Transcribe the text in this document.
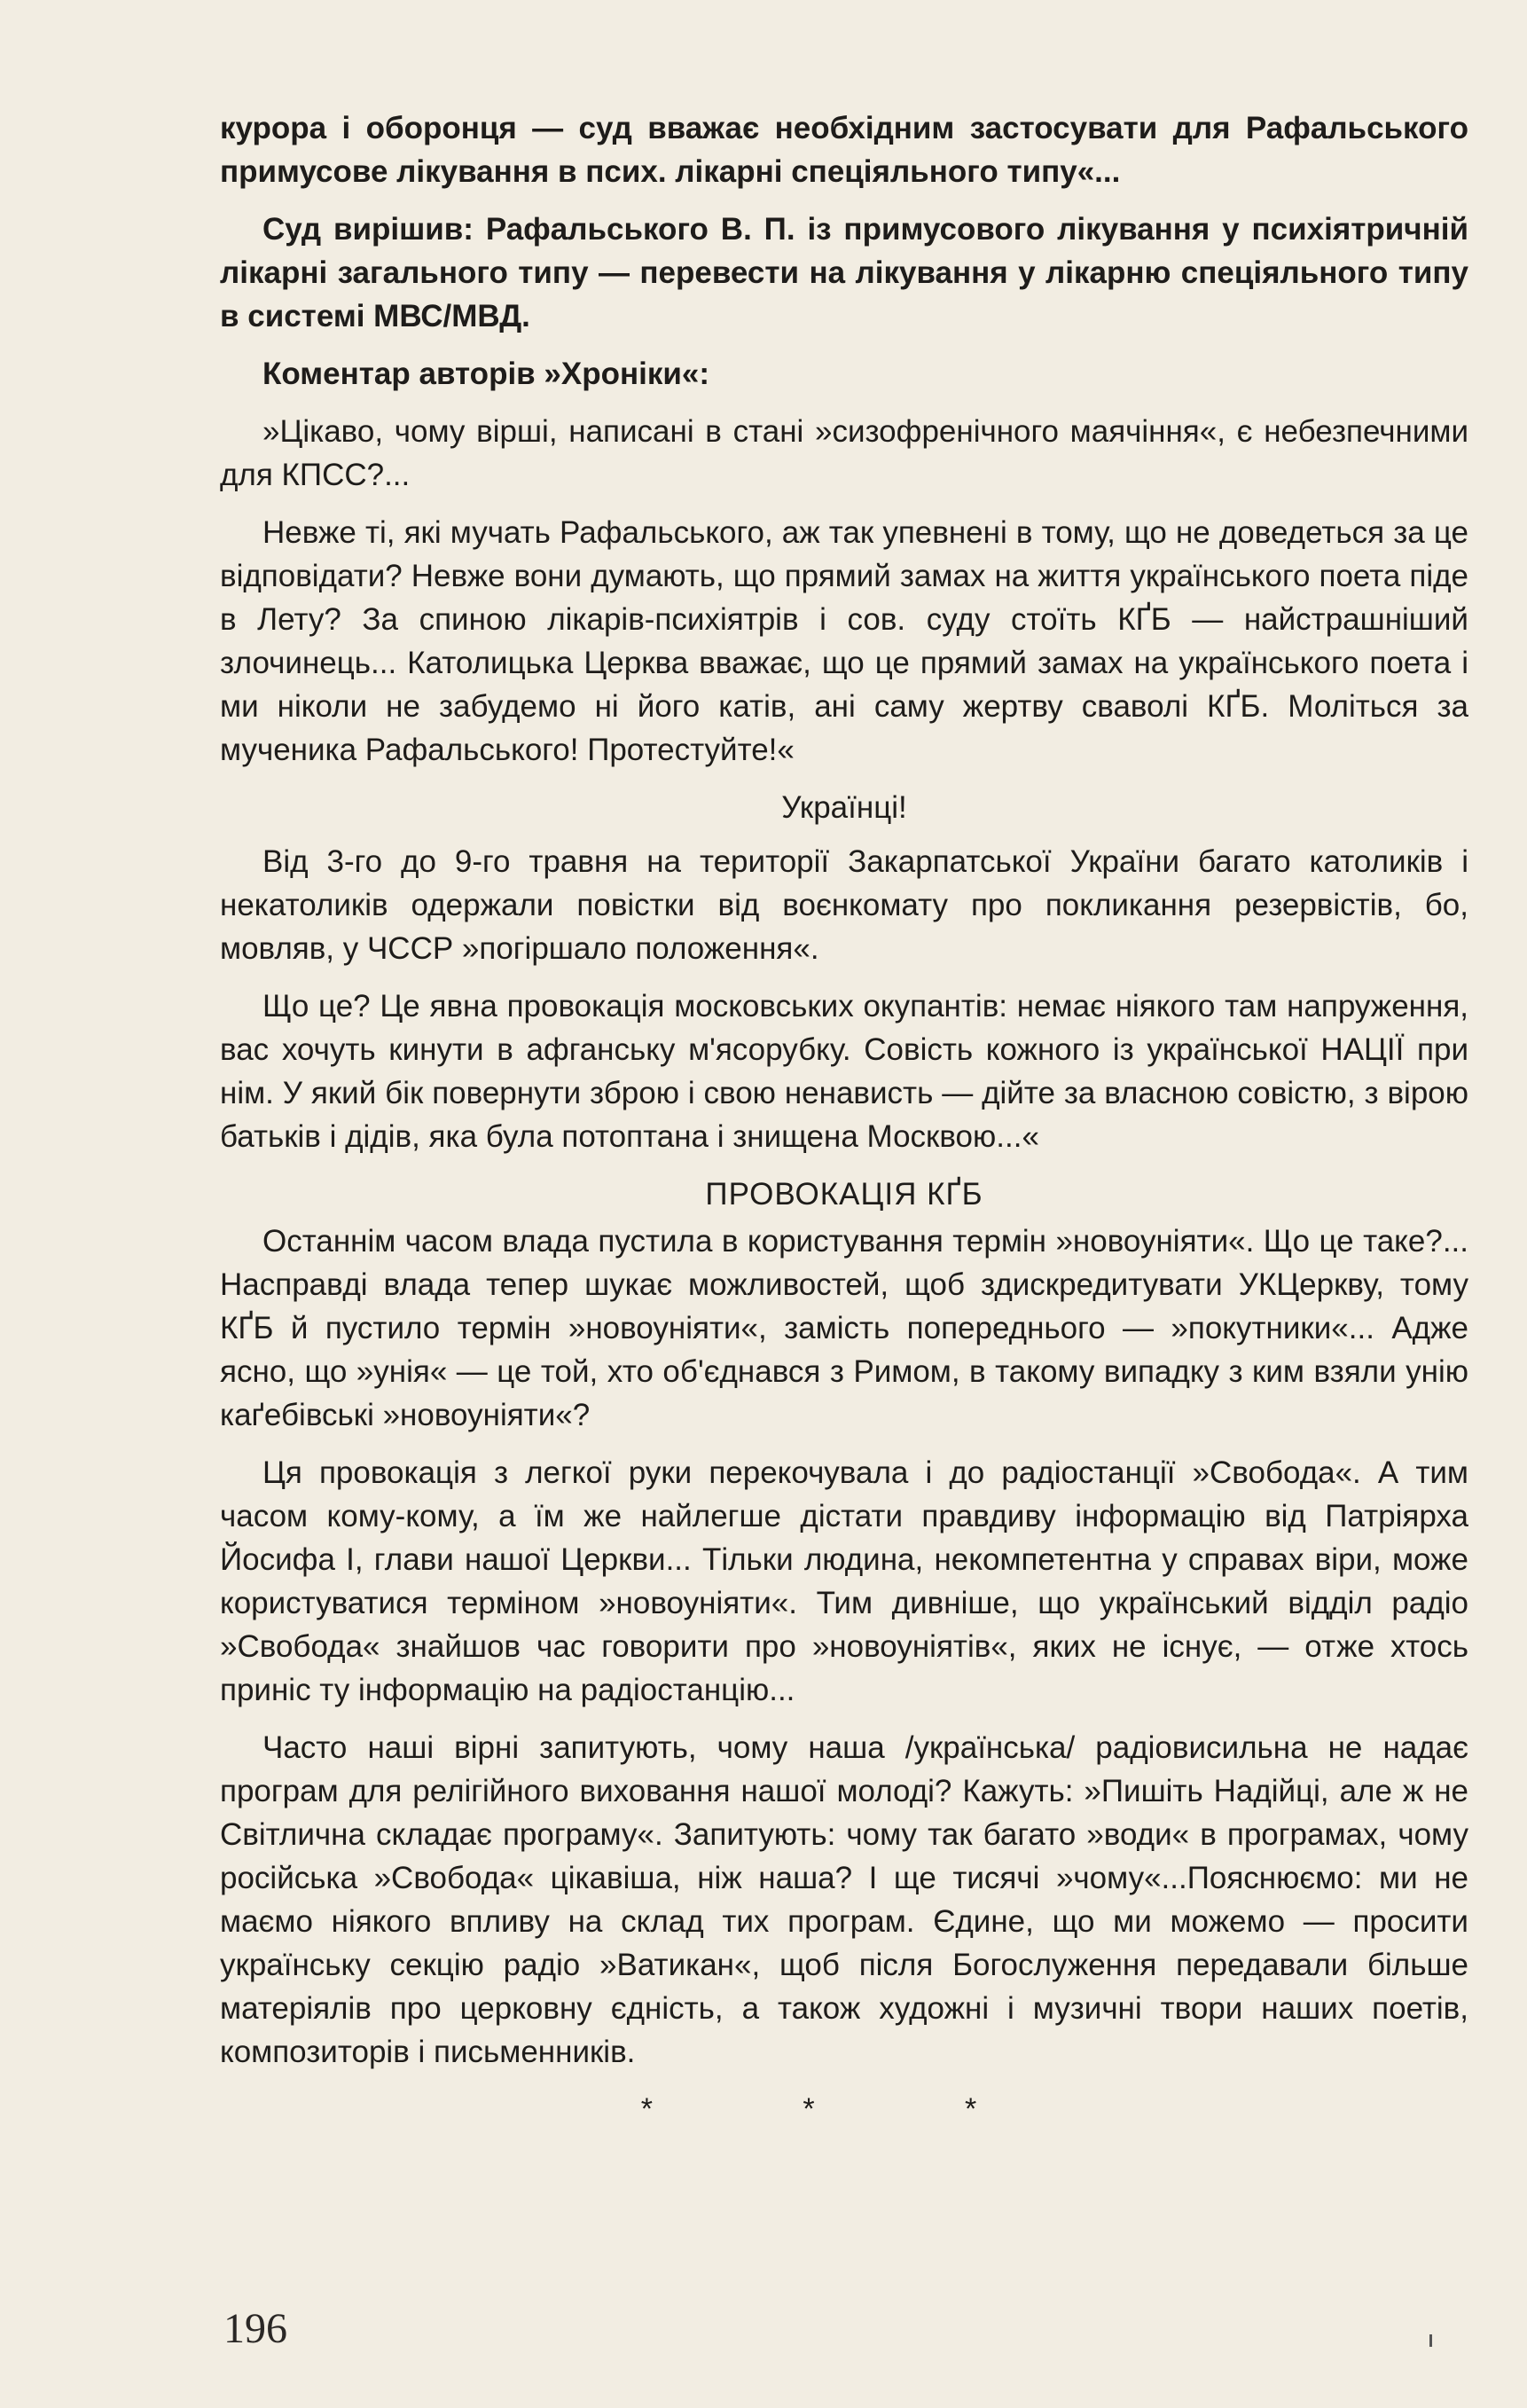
курора і оборонця — суд вважає необхідним застосувати для Рафальського примусове лікування в псих. лікарні спеціяльного типу«...

Суд вирішив: Рафальського В. П. із примусового лікування у психіятричній лікарні загального типу — перевести на лікування у лікарню спеціяльного типу в системі МВС/МВД.

Коментар авторів »Хроніки«:

»Цікаво, чому вірші, написані в стані »сизофренічного маячіння«, є небезпечними для КПСС?...

Невже ті, які мучать Рафальського, аж так упевнені в тому, що не доведеться за це відповідати? Невже вони думають, що прямий замах на життя українського поета піде в Лету? За спиною лікарів-психіятрів і сов. суду стоїть КҐБ — найстрашніший злочинець... Католицька Церква вважає, що це прямий замах на українського поета і ми ніколи не забудемо ні його катів, ані саму жертву сваволі КҐБ. Моліться за мученика Рафальського! Протестуйте!«

Українці!

Від 3-го до 9-го травня на території Закарпатської України багато католиків і некатоликів одержали повістки від воєнкомату про покликання резервістів, бо, мовляв, у ЧССР »погіршало положення«.

Що це? Це явна провокація московських окупантів: немає ніякого там напруження, вас хочуть кинути в афганську м'ясорубку. Совість кожного із української НАЦІЇ при нім. У який бік повернути зброю і свою ненависть — дійте за власною совістю, з вірою батьків і дідів, яка була потоптана і знищена Москвою...«

ПРОВОКАЦІЯ КҐБ

Останнім часом влада пустила в користування термін »новоуніяти«. Що це таке?... Насправді влада тепер шукає можливостей, щоб здискредитувати УКЦеркву, тому КҐБ й пустило термін »новоуніяти«, замість попереднього — »покутники«... Адже ясно, що »унія« — це той, хто об'єднався з Римом, в такому випадку з ким взяли унію каґебівські »новоуніяти«?

Ця провокація з легкої руки перекочувала і до радіостанції »Свобода«. А тим часом кому-кому, а їм же найлегше дістати правдиву інформацію від Патріярха Йосифа І, глави нашої Церкви... Тільки людина, некомпетентна у справах віри, може користуватися терміном »новоуніяти«. Тим дивніше, що український відділ радіо »Свобода« знайшов час говорити про »новоуніятів«, яких не існує, — отже хтось приніс ту інформацію на радіостанцію...

Часто наші вірні запитують, чому наша /українська/ радіовисильна не надає програм для релігійного виховання нашої молоді? Кажуть: »Пишіть Надійці, але ж не Світлична складає програму«. Запитують: чому так багато »води« в програмах, чому російська »Свобода« цікавіша, ніж наша? І ще тисячі »чому«...Пояснюємо: ми не маємо ніякого впливу на склад тих програм. Єдине, що ми можемо — просити українську секцію радіо »Ватикан«, щоб після Богослуження передавали більше матеріялів про церковну єдність, а також художні і музичні твори наших поетів, композиторів і письменників.

* * *
196
